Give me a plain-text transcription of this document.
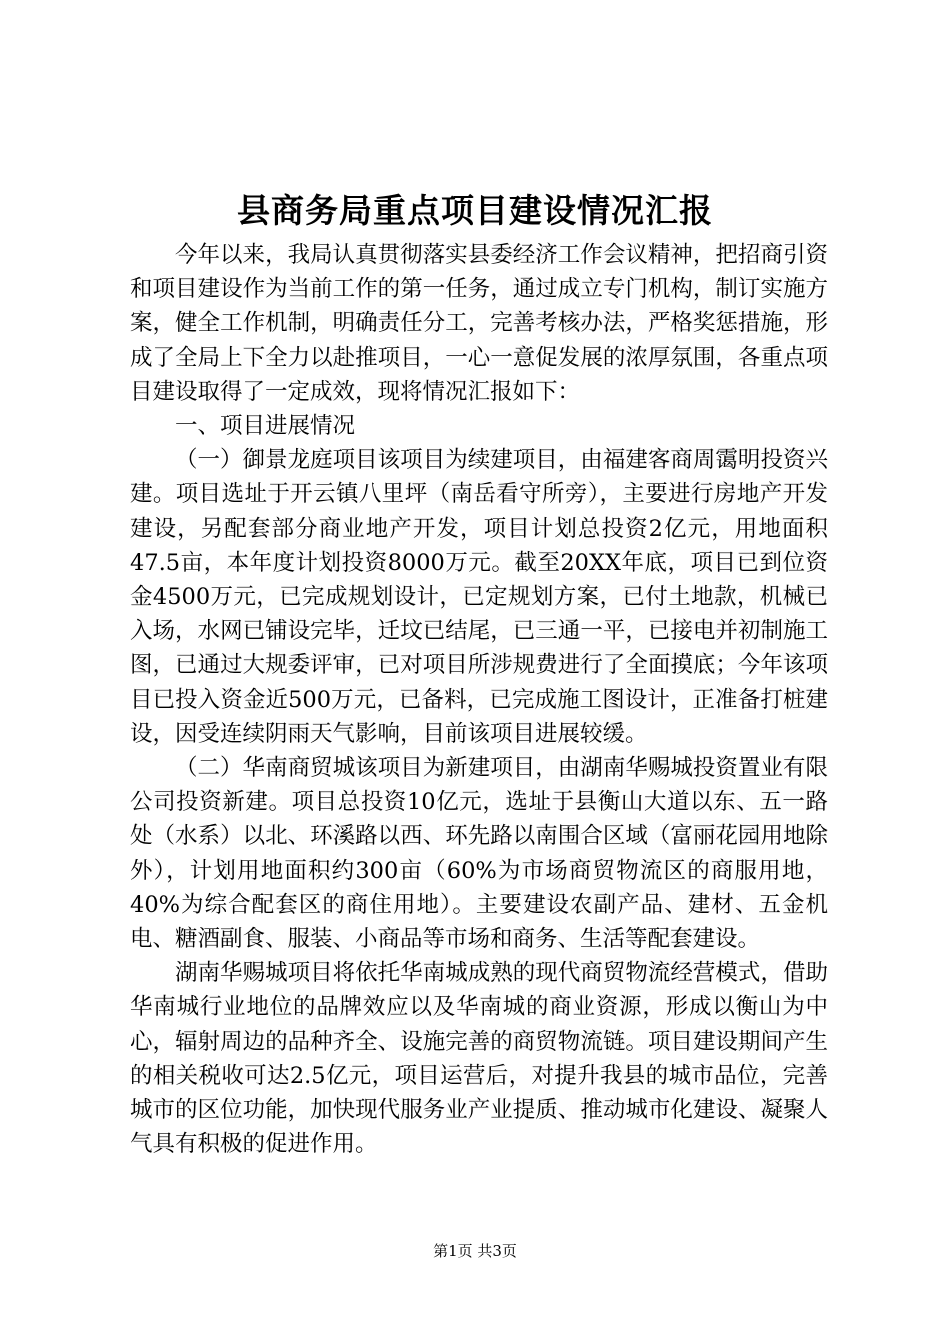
县商务局重点项目建设情况汇报

今年以来，我局认真贯彻落实县委经济工作会议精神，把招商引资和项目建设作为当前工作的第一任务，通过成立专门机构，制订实施方案，健全工作机制，明确责任分工，完善考核办法，严格奖惩措施，形成了全局上下全力以赴推项目，一心一意促发展的浓厚氛围，各重点项目建设取得了一定成效，现将情况汇报如下：

一、项目进展情况

（一）御景龙庭项目该项目为续建项目，由福建客商周霭明投资兴建。项目选址于开云镇八里坪（南岳看守所旁），主要进行房地产开发建设，另配套部分商业地产开发，项目计划总投资2亿元，用地面积47.5亩，本年度计划投资8000万元。截至20XX年底，项目已到位资金4500万元，已完成规划设计，已定规划方案，已付土地款，机械已入场，水网已铺设完毕，迁坟已结尾，已三通一平，已接电并初制施工图，已通过大规委评审，已对项目所涉规费进行了全面摸底；今年该项目已投入资金近500万元，已备料，已完成施工图设计，正准备打桩建设，因受连续阴雨天气影响，目前该项目进展较缓。

（二）华南商贸城该项目为新建项目，由湖南华赐城投资置业有限公司投资新建。项目总投资10亿元，选址于县衡山大道以东、五一路处（水系）以北、环溪路以西、环先路以南围合区域（富丽花园用地除外），计划用地面积约300亩（60%为市场商贸物流区的商服用地，40%为综合配套区的商住用地）。主要建设农副产品、建材、五金机电、糖酒副食、服装、小商品等市场和商务、生活等配套建设。

湖南华赐城项目将依托华南城成熟的现代商贸物流经营模式，借助华南城行业地位的品牌效应以及华南城的商业资源，形成以衡山为中心，辐射周边的品种齐全、设施完善的商贸物流链。项目建设期间产生的相关税收可达2.5亿元，项目运营后，对提升我县的城市品位，完善城市的区位功能，加快现代服务业产业提质、推动城市化建设、凝聚人气具有积极的促进作用。

第1页 共3页
